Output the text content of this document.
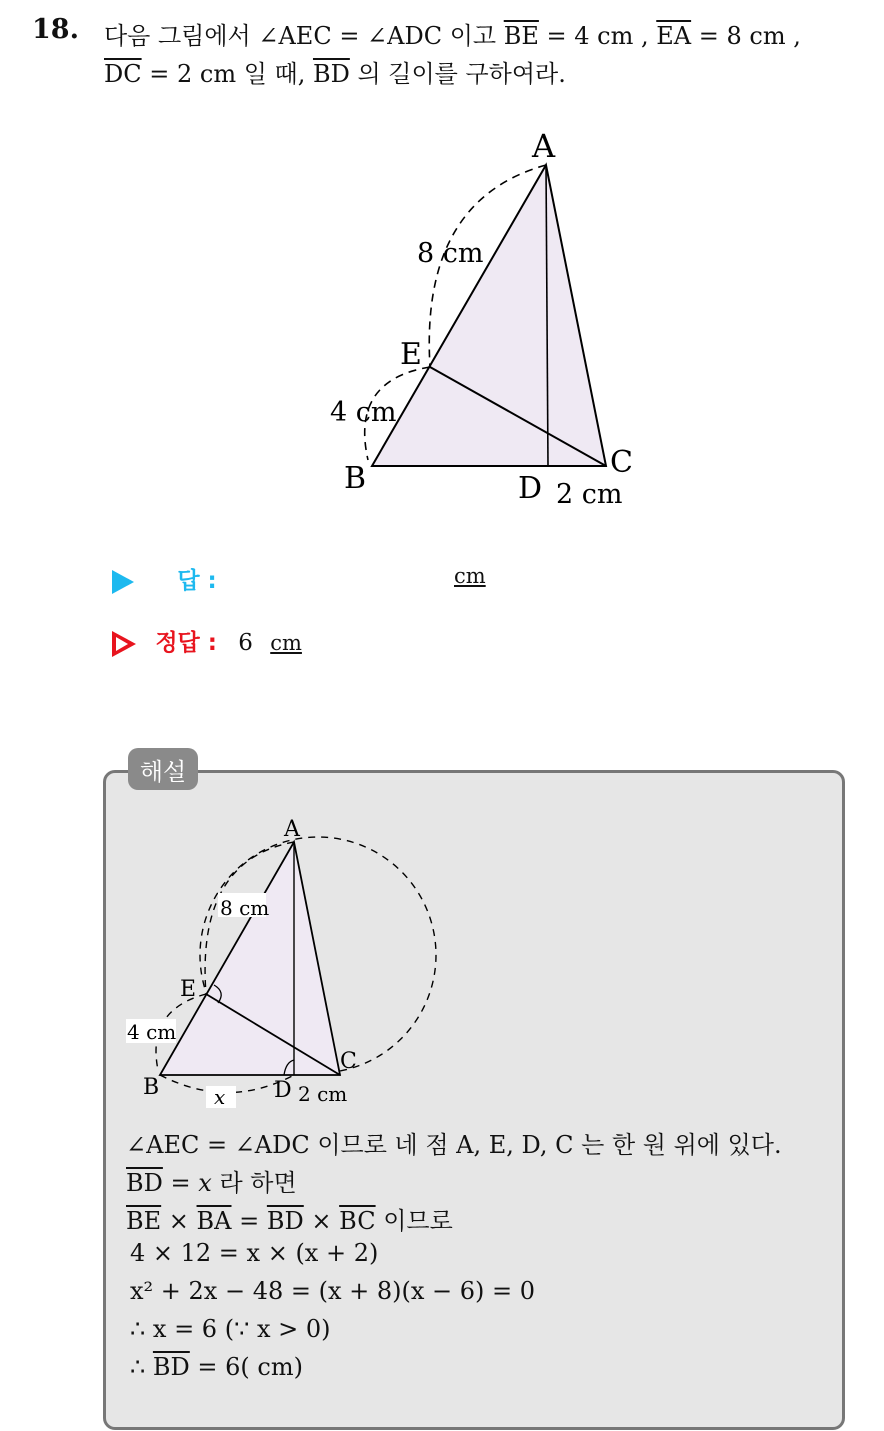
18. 다음 그림에서 ∠AEC = ∠ADC 이고 $\overline{BE} = 4$ cm , $\overline{EA} = 8$ cm ,
$\overline{DC} = 2$ cm 일 때, $\overline{BD}$ 의 길이를 구하여라.
A
E
B	C
D
8 cm
4 cm
2 cm
답 :	cm
정답 : 6 cm
해설
A
E
B
C
D
8 cm
4 cm
2 cm
x
∠AEC = ∠ADC 이므로 네 점 A, E, D, C 는 한 원 위에 있다.
$\overline{BD} = x$ 라 하면
$\overline{BE} \times \overline{BA} = \overline{BD} \times \overline{BC}$ 이므로
4 × 12 = x × (x + 2)
x² + 2x − 48 = (x + 8)(x − 6) = 0
∴ x = 6 (∵ x > 0)
∴ $\overline{BD} = 6$( cm)
